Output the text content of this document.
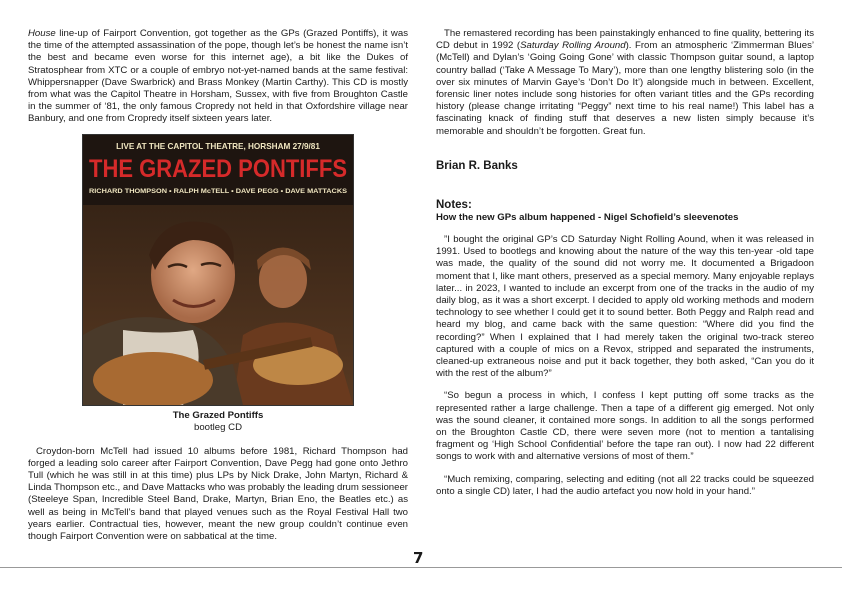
House line-up of Fairport Convention, got together as the GPs (Grazed Pontiffs), it was the time of the attempted assassination of the pope, though let’s be honest the name isn’t the best and became even worse for this internet age), a bit like the Dukes of Stratosphear from XTC or a couple of embryo not-yet-named bands at the same festival: Whippersnapper (Dave Swarbrick) and Brass Monkey (Martin Carthy). This CD is mostly from what was the Capitol Theatre in Horsham, Sussex, with five from Broughton Castle in the summer of ‘81, the only famous Cropredy not held in that Oxfordshire village near Banbury, and one from Cropredy itself sixteen years later.

Croydon-born McTell had issued 10 albums before 1981, Richard Thompson had forged a leading solo career after Fairport Convention, Dave Pegg had gone onto Jethro Tull (which he was still in at this time) plus LPs by Nick Drake, John Martyn, Richard & Linda Thompson etc., and Dave Mattacks who was probably the leading drum sessioneer (Steeleye Span, Incredible Steel Band, Drake, Martyn, Brian Eno, the Beatles etc.) as well as being in McTell’s band that played venues such as the Royal Festival Hall two years earlier. Contractual ties, however, meant the new group couldn’t continue even though Fairport Convention were on sabbatical at the time.

LIVE AT THE CAPITOL THEATRE, HORSHAM 27/9/81
THE GRAZED PONTIFFS
RICHARD THOMPSON • RALPH McTELL • DAVE PEGG • DAVE MATTACKS
The Grazed Pontiffs
bootleg CD

The remastered recording has been painstakingly enhanced to fine quality, bettering its CD debut in 1992 (Saturday Rolling Around). From an atmospheric ‘Zimmerman Blues’ (McTell) and Dylan’s ‘Going Going Gone’ with classic Thompson guitar sound, a laptop country ballad (‘Take A Message To Mary’), more than one lengthy blistering solo (in the over six minutes of Marvin Gaye’s ‘Don’t Do It’) alongside much in between. Excellent, forensic liner notes include song histories for often variant titles and the GPs recording history (please change irritating “Peggy” next time to his real name!) This label has a fascinating knack of finding stuff that deserves a new listen simply because it’s memorable and shouldn’t be forgotten. Great fun.

Brian R. Banks
Notes:
How the new GPs album happened - Nigel Schofield’s sleevenotes

”I bought the original GP’s CD Saturday Night Rolling Aound, when it was released in 1991. Used to bootlegs and knowing about the nature of the way this ten-year -old tape was made, the quality of the sound did not worry me. It documented a Brigadoon moment that I, like mant others, preserved as a special memory. Many enjoyable replays later... in 2023, I wanted to include an excerpt from one of the tracks in the audio of my daily blog, as it was a short excerpt. I decided to apply old working methods and modern technology to see whether I could get it to sound better. Both Peggy and Ralph read and heard my blog, and came back with the same question: “Where did you find the recording?” When I explained that I had merely taken the original two-track stereo captured with a couple of mics on a Revox, stripped and separated the instruments, cleaned-up extraneous noise and put it back together, they both asked, “Can you do it with the rest of the album?”

“So begun a process in which, I confess I kept putting off some tracks as the represented rather a large challenge. Then a tape of a different gig emerged. Not only was the sound cleaner, it contained more songs. In addition to all the songs performed on the Broughton Castle CD, there were seven more (not to mention a tantalising fragment og ‘High School Confidential’ before the tape ran out). I now had 22 different songs to work with and alternative versions of most of them.”

“Much remixing, comparing, selecting and editing (not all 22 tracks could be squeezed onto a single CD) later, I had the audio artefact you now hold in your hand.”

7
